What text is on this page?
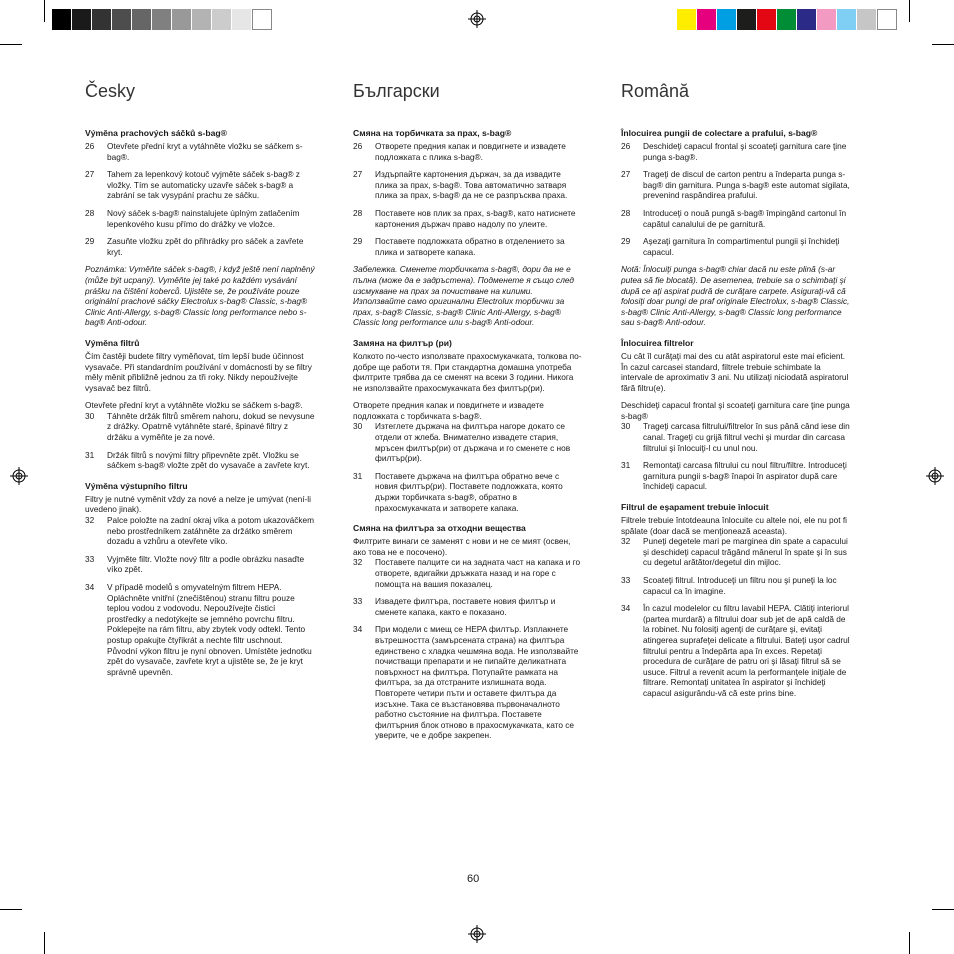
Česky
Výměna prachových sáčků s-bag®
26	Otevřete přední kryt a vytáhněte vložku se sáčkem s-bag®.
27	Tahem za lepenkový kotouč vyjměte sáček s-bag® z vložky. Tím se automaticky uzavře sáček s-bag® a zabrání se tak vysypání prachu ze sáčku.
28	Nový sáček s-bag® nainstalujete úplným zatlačením lepenkového kusu přímo do drážky ve vložce.
29	Zasuňte vložku zpět do přihrádky pro sáček a zavřete kryt.
Poznámka: Vyměňte sáček s-bag®, i když ještě není naplněný (může být ucpaný). Vyměňte jej také po každém vysávání prášku na čištění koberců. Ujistěte se, že používáte pouze originální prachové sáčky Electrolux s-bag® Classic, s-bag® Clinic Anti-Allergy, s-bag® Classic long performance nebo s-bag® Anti-odour.
Výměna filtrů
Čím častěji budete filtry vyměňovat, tím lepší bude účinnost vysavače. Při standardním používání v domácnosti by se filtry měly měnit přibližně jednou za tři roky. Nikdy nepoužívejte vysavač bez filtrů.
Otevřete přední kryt a vytáhněte vložku se sáčkem s-bag®.
30	Táhněte držák filtrů směrem nahoru, dokud se nevysune z drážky. Opatrně vytáhněte staré, špinavé filtry z držáku a vyměňte je za nové.
31	Držák filtrů s novými filtry připevněte zpět. Vložku se sáčkem s-bag® vložte zpět do vysavače a zavřete kryt.
Výměna výstupního filtru
Filtry je nutné vyměnit vždy za nové a nelze je umývat (není-li uvedeno jinak).
32	Palce položte na zadní okraj víka a potom ukazováčkem nebo prostředníkem zatáhněte za držátko směrem dozadu a vzhůru a otevřete víko.
33	Vyjměte filtr. Vložte nový filtr a podle obrázku nasaďte víko zpět.
34	V případě modelů s omyvatelným filtrem HEPA. Opláchněte vnitřní (znečištěnou) stranu filtru pouze teplou vodou z vodovodu. Nepoužívejte čisticí prostředky a nedotýkejte se jemného povrchu filtru. Poklepejte na rám filtru, aby zbytek vody odtekl. Tento postup opakujte čtyřikrát a nechte filtr uschnout. Původní výkon filtru je nyní obnoven. Umístěte jednotku zpět do vysavače, zavřete kryt a ujistěte se, že je kryt správně upevněn.
Български
Смяна на торбичката за прах, s-bag®
26	Отворете предния капак и повдигнете и извадете подложката с плика s-bag®.
27	Издърпайте картонения държач, за да извадите плика за прах, s-bag®. Това автоматично затваря плика за прах, s-bag® да не се разпръсква праха.
28	Поставете нов плик за прах, s-bag®, като натиснете картонения държач право надолу по улеите.
29	Поставете подложката обратно в отделението за плика и затворете капака.
Забележка. Сменете торбичката s-bag®, дори да не е пълна (може да е задръстена). Подменете я също след изсмукване на прах за почистване на килими. Използвайте само оригинални Electrolux торбички за прах, s-bag® Classic, s-bag® Clinic Anti-Allergy, s-bag® Classic long performance или s-bag® Anti-odour.
Замяна на филтър (ри)
Колкото по-често използвате прахосмукачката, толкова по-добре ще работи тя. При стандартна домашна употреба филтрите трябва да се сменят на всеки 3 години. Никога не използвайте прахосмукачката без филтър(ри).
Отворете предния капак и повдигнете и извадете подложката с торбичката s-bag®.
30	Изтеглете държача на филтъра нагоре докато се отдели от жлеба. Внимателно извадете стария, мръсен филтър(ри) от държача и го сменете с нов филтър(ри).
31	Поставете държача на филтъра обратно вече с новия филтър(ри). Поставете подложката, която държи торбичката s-bag®, обратно в прахосмукачката и затворете капака.
Смяна на филтъра за отходни вещества
Филтрите винаги се заменят с нови и не се мият (освен, ако това не е посочено).
32	Поставете палците си на задната част на капака и го отворете, вдигайки дръжката назад и на горе с помощта на вашия показалец.
33	Извадете филтъра, поставете новия филтър и сменете капака, както е показано.
34	При модели с миещ се HEPA филтър. Изплакнете вътрешността (замърсената страна) на филтъра единствено с хладка чешмяна вода. Не използвайте почистващи препарати и не пипайте деликатната повърхност на филтъра. Потупайте рамката на филтъра, за да отстраните излишната вода. Повторете четири пъти и оставете филтъра да изсъхне. Така се възстановява първоначалното работно състояние на филтъра. Поставете филтърния блок отново в прахосмукачката, като се уверите, че е добре закрепен.
Română
Înlocuirea pungii de colectare a prafului, s-bag®
26	Deschideţi capacul frontal şi scoateţi garnitura care ţine punga s-bag®.
27	Trageţi de discul de carton pentru a îndeparta punga s-bag® din garnitura. Punga s-bag® este automat sigilata, prevenind raspândirea prafului.
28	Introduceţi o nouă pungă s-bag® împingând cartonul în capătul canalului de pe garnitură.
29	Aşezaţi garnitura în compartimentul pungii şi închideţi capacul.
Notă: Înlocuiţi punga s-bag® chiar dacă nu este plină (s-ar putea să fie blocată). De asemenea, trebuie sa o schimbaţi şi după ce aţi aspirat pudră de curăţare carpete. Asiguraţi-vă că folosiţi doar pungi de praf originale Electrolux, s-bag® Classic, s-bag® Clinic Anti-Allergy, s-bag® Classic long performance sau s-bag® Anti-odour.
Înlocuirea filtrelor
Cu cât îl curăţaţi mai des cu atât aspiratorul este mai eficient. În cazul carcasei standard, filtrele trebuie schimbate la intervale de aproximativ 3 ani. Nu utilizaţi niciodată aspiratorul fără filtru(e).
Deschideţi capacul frontal şi scoateţi garnitura care ţine punga s-bag®
30	Trageţi carcasa filtrului/filtrelor în sus până când iese din canal. Trageţi cu grijă filtrul vechi şi murdar din carcasa filtrului şi înlocuiţi-l cu unul nou.
31	Remontaţi carcasa filtrului cu noul filtru/filtre. Introduceţi garnitura pungii s-bag® înapoi în aspirator după care închideţi capacul.
Filtrul de eşapament trebuie înlocuit
Filtrele trebuie întotdeauna înlocuite cu altele noi, ele nu pot fi spălate (doar dacă se menţionează aceasta).
32	Puneţi degetele mari pe marginea din spate a capacului şi deschideţi capacul trăgând mânerul în spate şi în sus cu degetul arătător/degetul din mijloc.
33	Scoateţi filtrul. Introduceţi un filtru nou şi puneţi la loc capacul ca în imagine.
34	În cazul modelelor cu filtru lavabil HEPA. Clătiţi interiorul (partea murdară) a filtrului doar sub jet de apă caldă de la robinet. Nu folosiţi agenţi de curăţare şi, evitaţi atingerea suprafeţei delicate a filtrului. Bateţi uşor cadrul filtrului pentru a îndepărta apa în exces. Repetaţi procedura de curăţare de patru ori şi lăsaţi filtrul să se usuce. Filtrul a revenit acum la performanţele iniţiale de filtrare. Remontaţi unitatea în aspirator şi închideţi capacul asigurându-vă că este prins bine.
60
